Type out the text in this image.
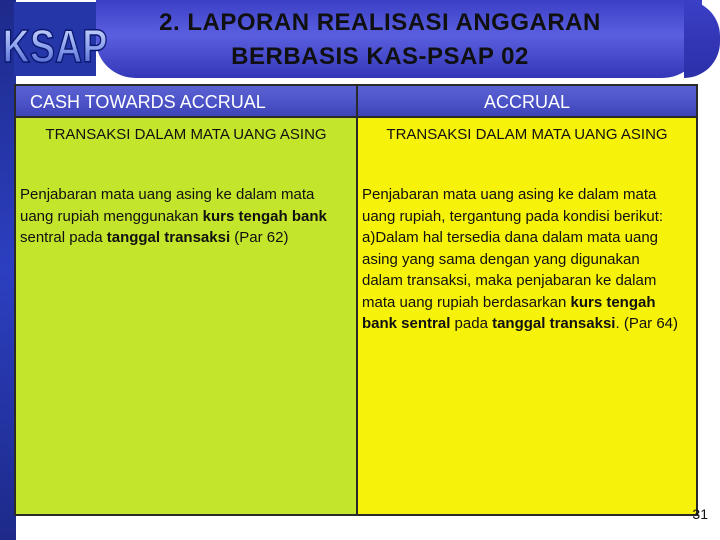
KSAP	2. LAPORAN REALISASI ANGGARAN
BERBASIS KAS-PSAP 02
CASH TOWARDS ACCRUAL
TRANSAKSI DALAM MATA UANG ASING
Penjabaran mata uang asing ke dalam mata uang rupiah menggunakan kurs tengah bank sentral pada tanggal transaksi (Par 62)
ACCRUAL
TRANSAKSI DALAM MATA UANG ASING
Penjabaran mata uang asing ke dalam mata uang rupiah, tergantung pada kondisi berikut:
a)Dalam hal tersedia dana dalam mata uang asing yang sama dengan yang digunakan dalam transaksi, maka penjabaran ke dalam mata uang rupiah berdasarkan kurs tengah bank sentral pada tanggal transaksi. (Par 64)
31
